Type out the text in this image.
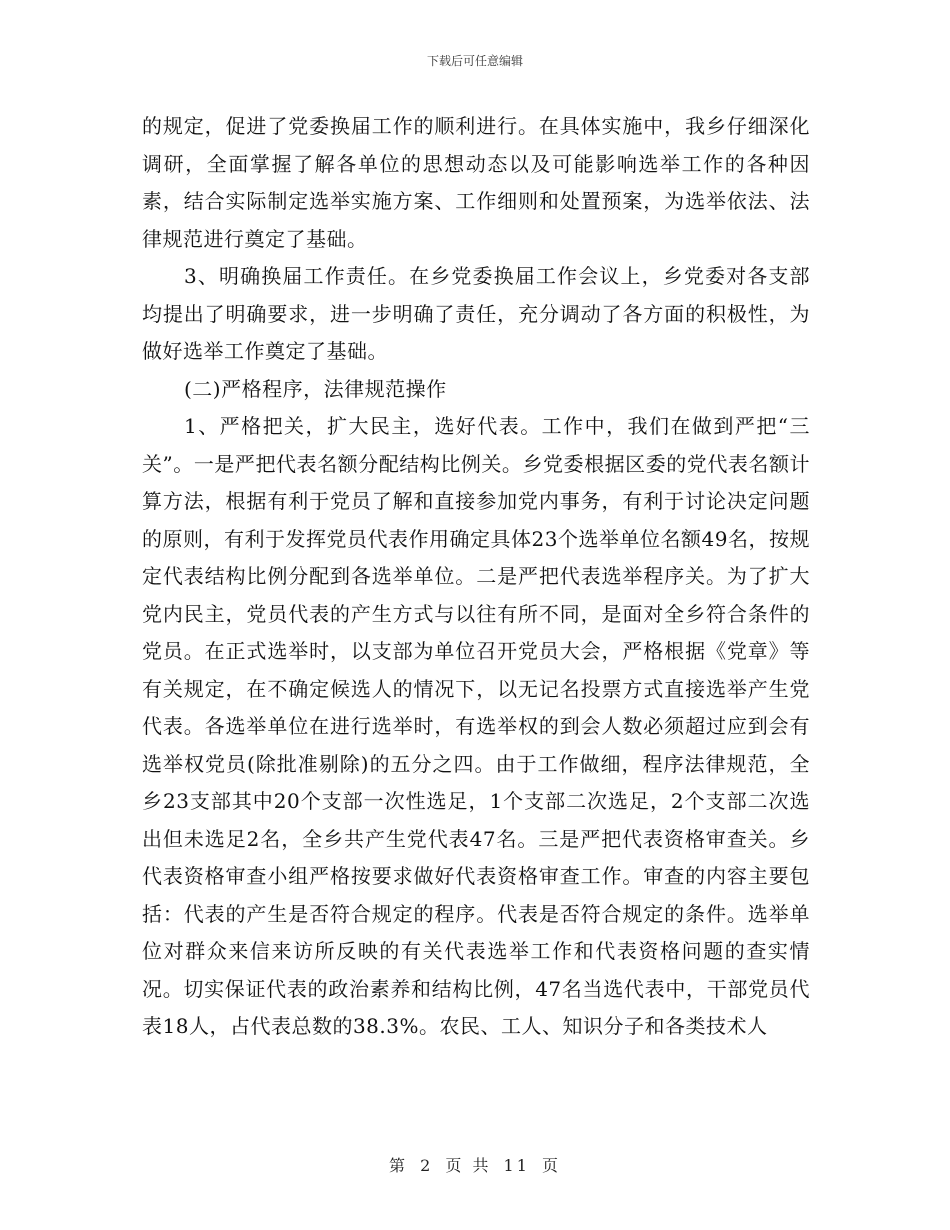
下载后可任意编辑

的规定，促进了党委换届工作的顺利进行。在具体实施中，我乡仔细深化调研，全面掌握了解各单位的思想动态以及可能影响选举工作的各种因素，结合实际制定选举实施方案、工作细则和处置预案，为选举依法、法律规范进行奠定了基础。

3、明确换届工作责任。在乡党委换届工作会议上，乡党委对各支部均提出了明确要求，进一步明确了责任，充分调动了各方面的积极性，为做好选举工作奠定了基础。

(二)严格程序，法律规范操作

1、严格把关，扩大民主，选好代表。工作中，我们在做到严把“三关”。一是严把代表名额分配结构比例关。乡党委根据区委的党代表名额计算方法，根据有利于党员了解和直接参加党内事务，有利于讨论决定问题的原则，有利于发挥党员代表作用确定具体23个选举单位名额49名，按规定代表结构比例分配到各选举单位。二是严把代表选举程序关。为了扩大党内民主，党员代表的产生方式与以往有所不同，是面对全乡符合条件的党员。在正式选举时，以支部为单位召开党员大会，严格根据《党章》等有关规定，在不确定候选人的情况下，以无记名投票方式直接选举产生党代表。各选举单位在进行选举时，有选举权的到会人数必须超过应到会有选举权党员(除批准剔除)的五分之四。由于工作做细，程序法律规范，全乡23支部其中20个支部一次性选足，1个支部二次选足，2个支部二次选出但未选足2名，全乡共产生党代表47名。三是严把代表资格审查关。乡代表资格审查小组严格按要求做好代表资格审查工作。审查的内容主要包括：代表的产生是否符合规定的程序。代表是否符合规定的条件。选举单位对群众来信来访所反映的有关代表选举工作和代表资格问题的查实情况。切实保证代表的政治素养和结构比例，47名当选代表中，干部党员代表18人，占代表总数的38.3%。农民、工人、知识分子和各类技术人

第 2 页 共 11 页
